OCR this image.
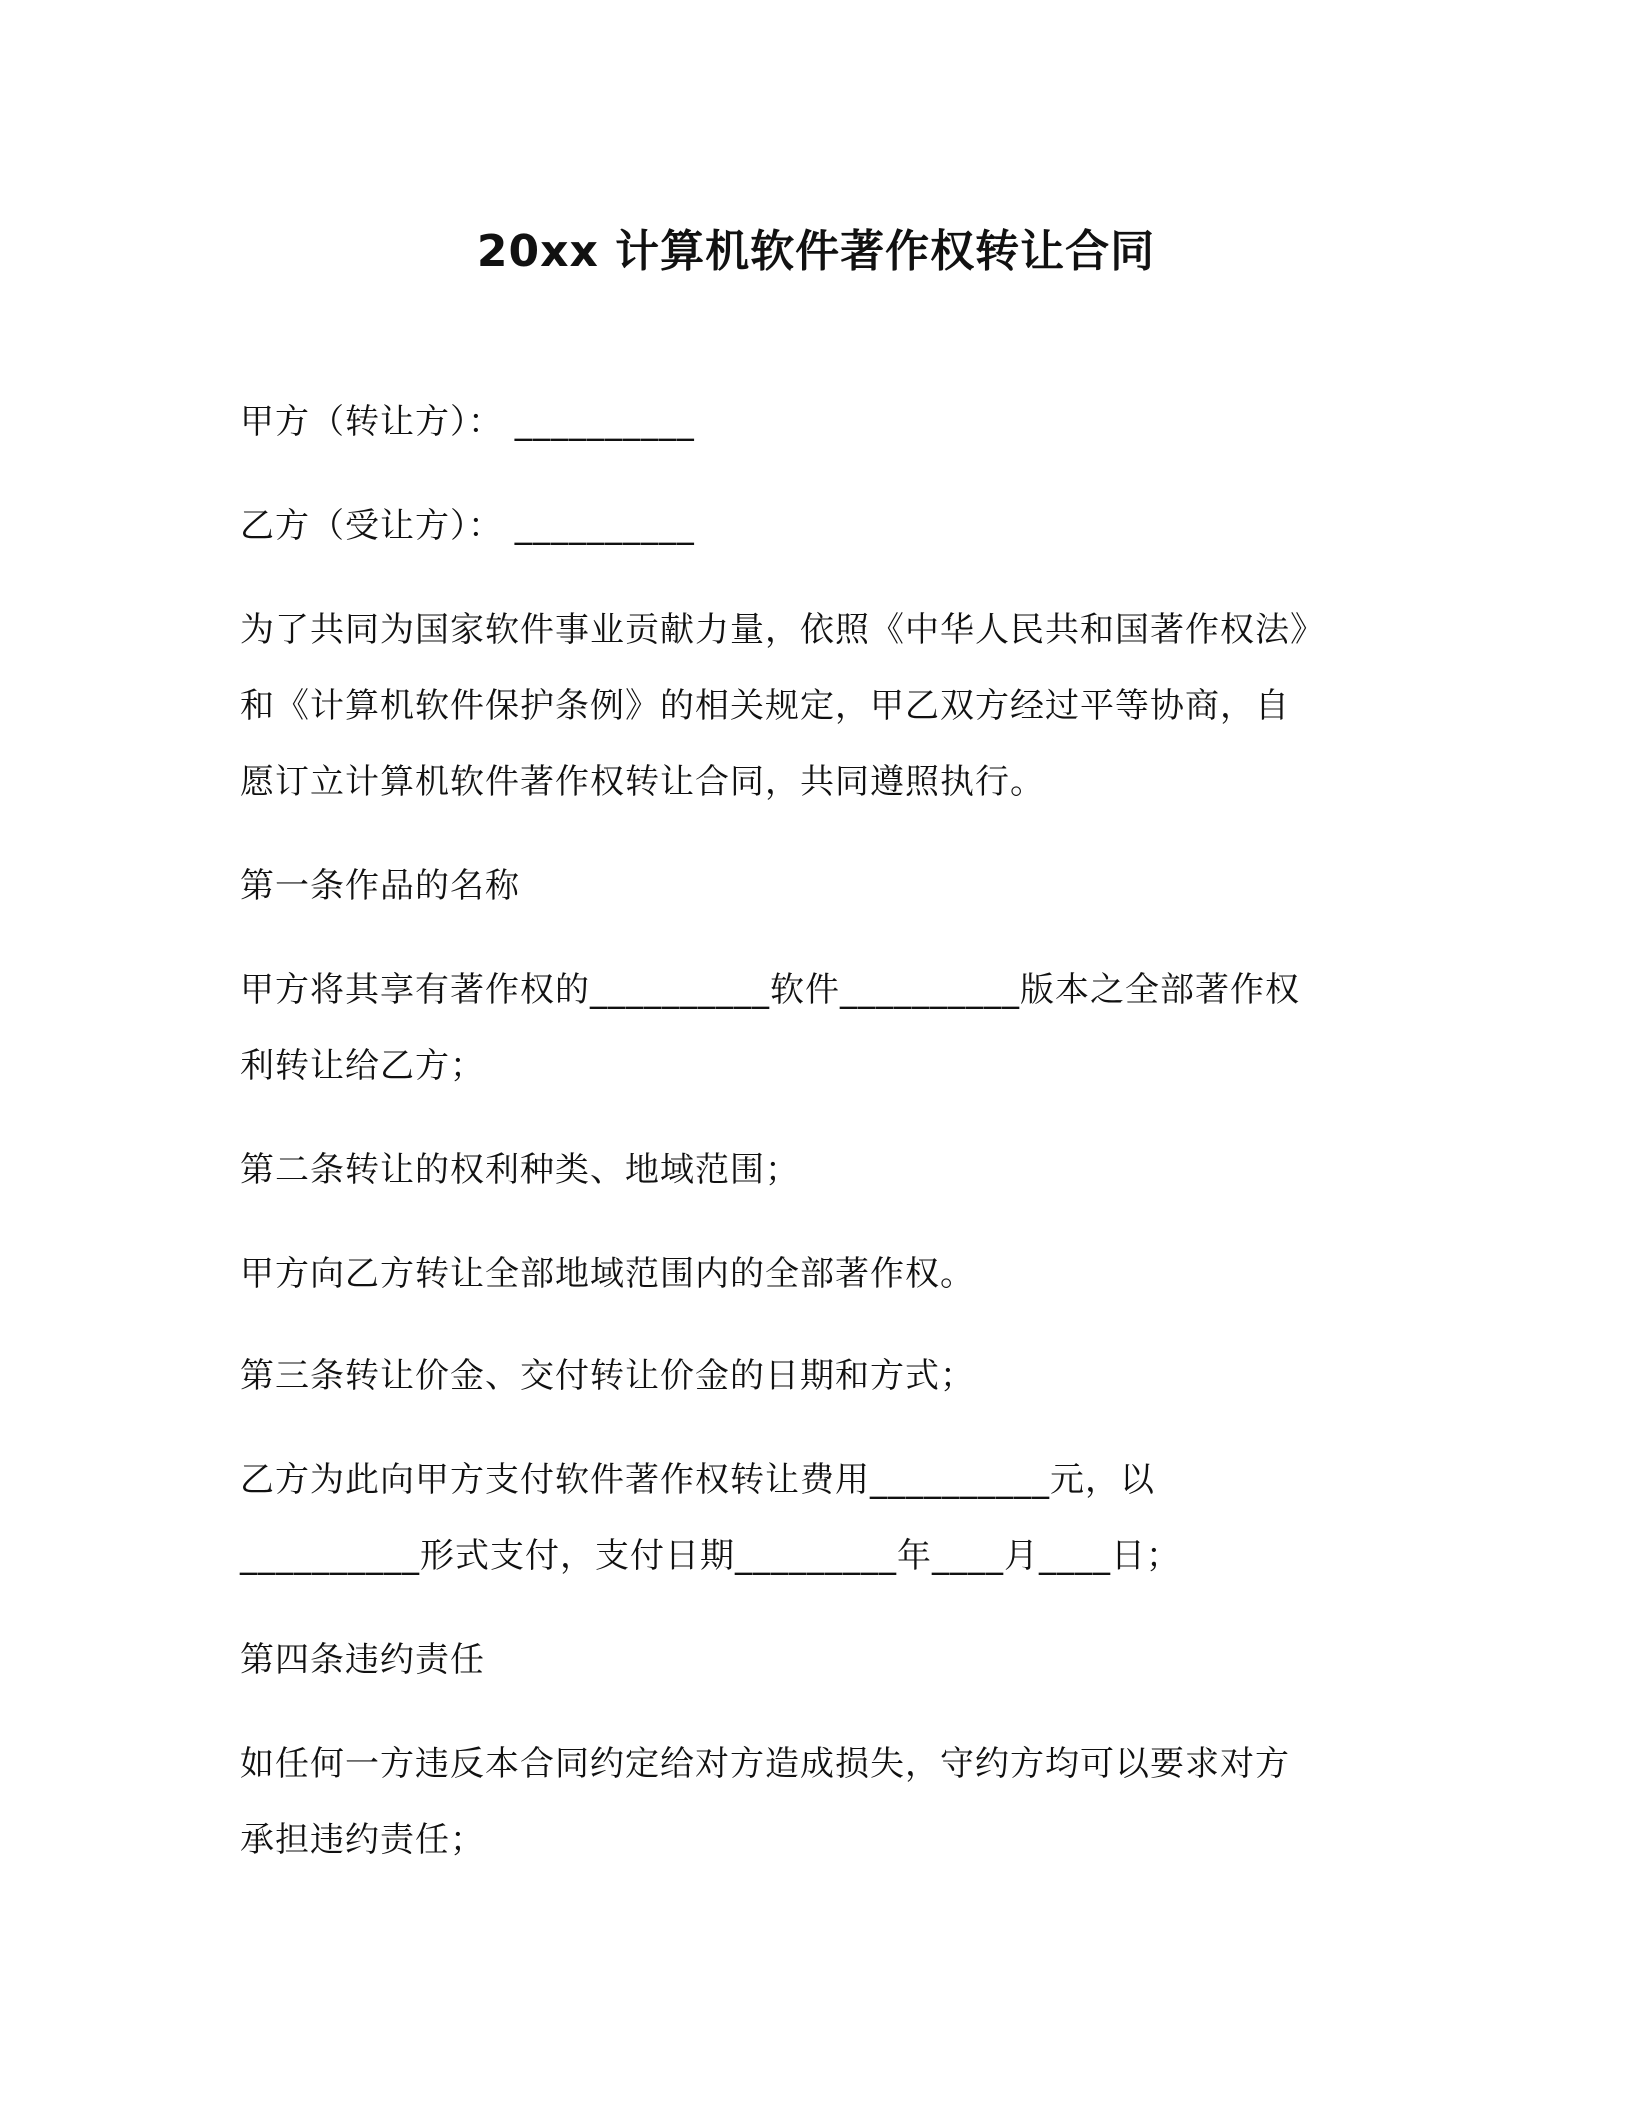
20xx 计算机软件著作权转让合同
甲方（转让方）： __________
乙方（受让方）： __________
为了共同为国家软件事业贡献力量，依照《中华人民共和国著作权法》
和《计算机软件保护条例》的相关规定，甲乙双方经过平等协商，自
愿订立计算机软件著作权转让合同，共同遵照执行。
第一条作品的名称
甲方将其享有著作权的__________软件__________版本之全部著作权
利转让给乙方；
第二条转让的权利种类、地域范围；
甲方向乙方转让全部地域范围内的全部著作权。
第三条转让价金、交付转让价金的日期和方式；
乙方为此向甲方支付软件著作权转让费用__________元，以
__________形式支付，支付日期_________年____月____日；
第四条违约责任
如任何一方违反本合同约定给对方造成损失，守约方均可以要求对方
承担违约责任；
